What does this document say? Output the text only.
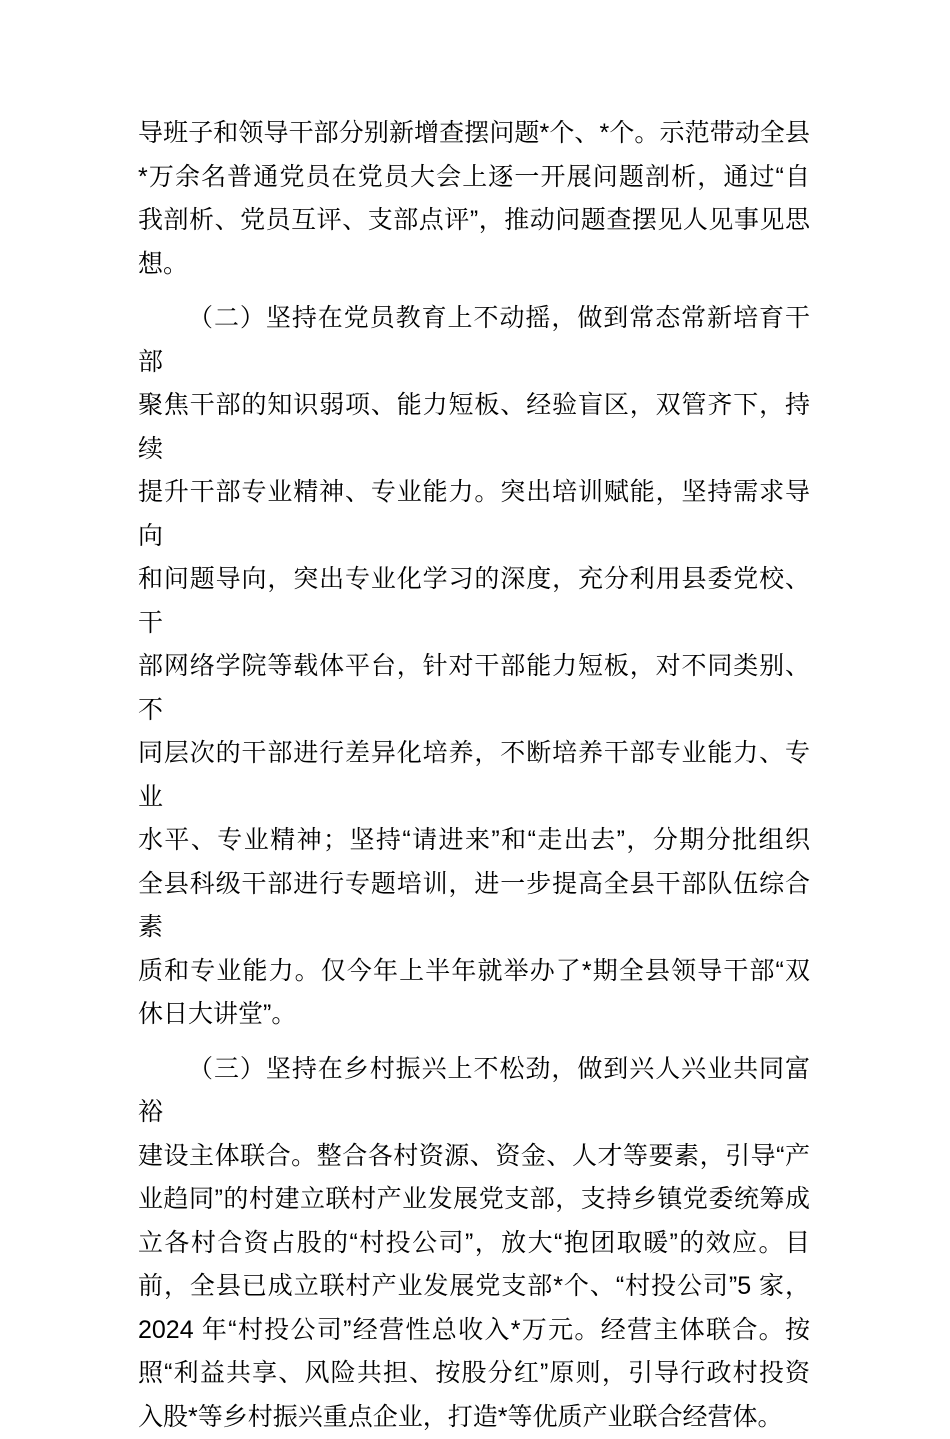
导班子和领导干部分别新增查摆问题*个、*个。示范带动全县
*万余名普通党员在党员大会上逐一开展问题剖析，通过“自
我剖析、党员互评、支部点评”，推动问题查摆见人见事见思
想。
（二）坚持在党员教育上不动摇，做到常态常新培育干部
聚焦干部的知识弱项、能力短板、经验盲区，双管齐下，持续
提升干部专业精神、专业能力。突出培训赋能，坚持需求导向
和问题导向，突出专业化学习的深度，充分利用县委党校、干
部网络学院等载体平台，针对干部能力短板，对不同类别、不
同层次的干部进行差异化培养，不断培养干部专业能力、专业
水平、专业精神；坚持“请进来”和“走出去”，分期分批组织
全县科级干部进行专题培训，进一步提高全县干部队伍综合素
质和专业能力。仅今年上半年就举办了*期全县领导干部“双
休日大讲堂”。
（三）坚持在乡村振兴上不松劲，做到兴人兴业共同富裕
建设主体联合。整合各村资源、资金、人才等要素，引导“产
业趋同”的村建立联村产业发展党支部，支持乡镇党委统筹成
立各村合资占股的“村投公司”，放大“抱团取暖”的效应。目
前，全县已成立联村产业发展党支部*个、“村投公司”5 家，
2024 年“村投公司”经营性总收入*万元。经营主体联合。按
照“利益共享、风险共担、按股分红”原则，引导行政村投资
入股*等乡村振兴重点企业，打造*等优质产业联合经营体。
